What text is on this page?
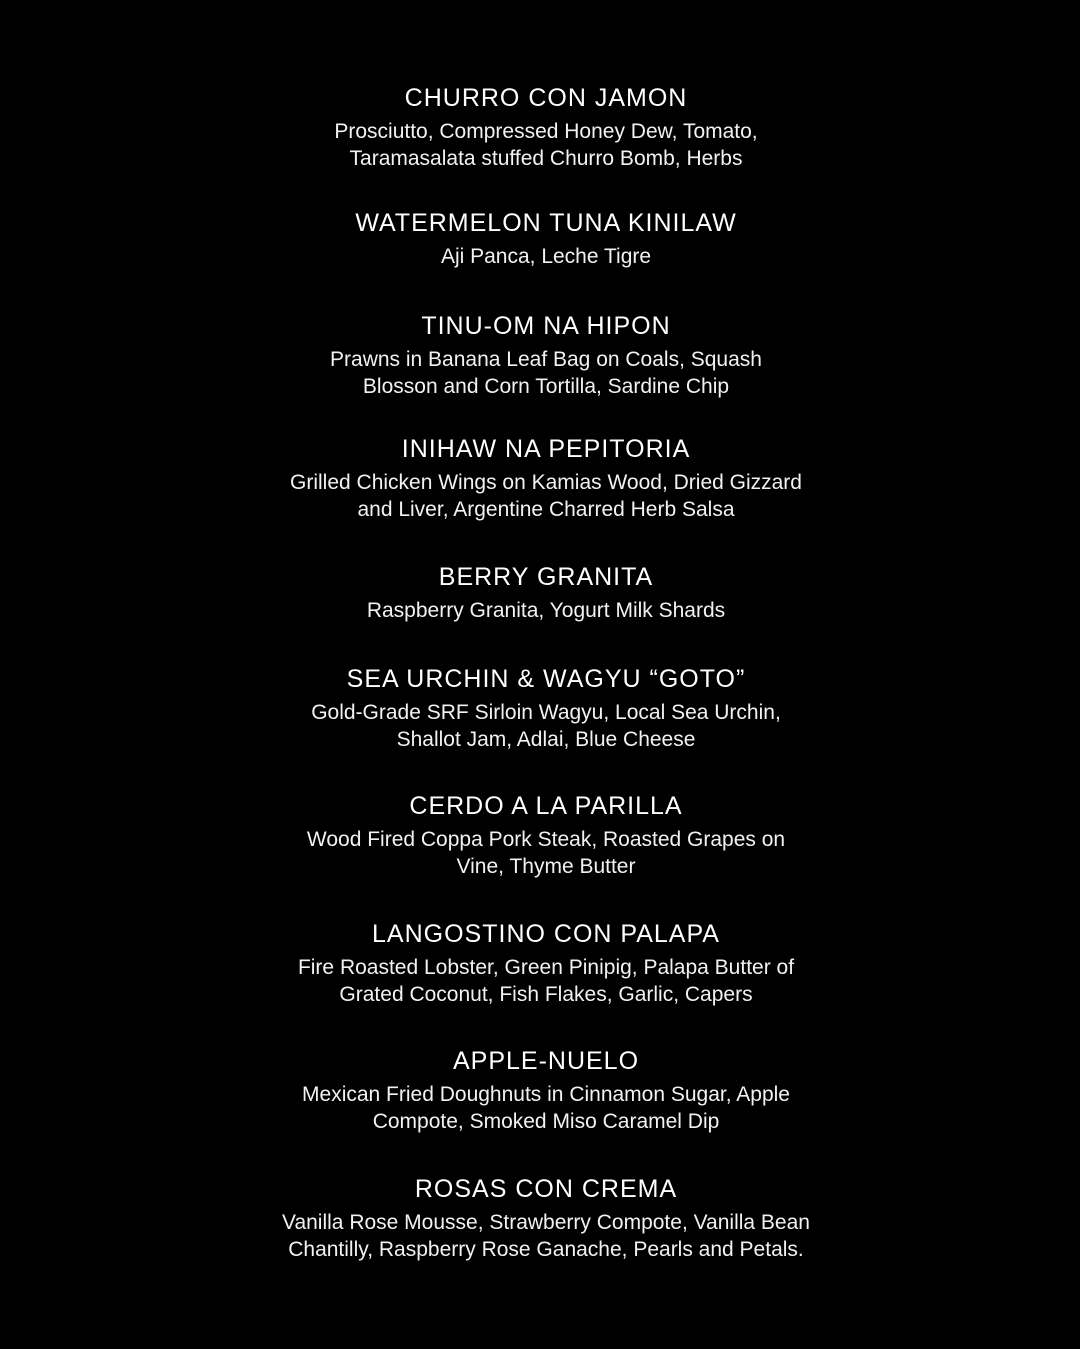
CHURRO CON JAMON
Prosciutto, Compressed Honey Dew, Tomato,
Taramasalata stuffed Churro Bomb, Herbs
WATERMELON TUNA KINILAW
Aji Panca, Leche Tigre
TINU-OM NA HIPON
Prawns in Banana Leaf Bag on Coals, Squash
Blosson and Corn Tortilla, Sardine Chip
INIHAW NA PEPITORIA
Grilled Chicken Wings on Kamias Wood, Dried Gizzard
and Liver, Argentine Charred Herb Salsa
BERRY GRANITA
Raspberry Granita, Yogurt Milk Shards
SEA URCHIN & WAGYU “GOTO”
Gold-Grade SRF Sirloin Wagyu, Local Sea Urchin,
Shallot Jam, Adlai, Blue Cheese
CERDO A LA PARILLA
Wood Fired Coppa Pork Steak, Roasted Grapes on
Vine, Thyme Butter
LANGOSTINO CON PALAPA
Fire Roasted Lobster, Green Pinipig, Palapa Butter of
Grated Coconut, Fish Flakes, Garlic, Capers
APPLE-NUELO
Mexican Fried Doughnuts in Cinnamon Sugar, Apple
Compote, Smoked Miso Caramel Dip
ROSAS CON CREMA
Vanilla Rose Mousse, Strawberry Compote, Vanilla Bean
Chantilly, Raspberry Rose Ganache, Pearls and Petals.
